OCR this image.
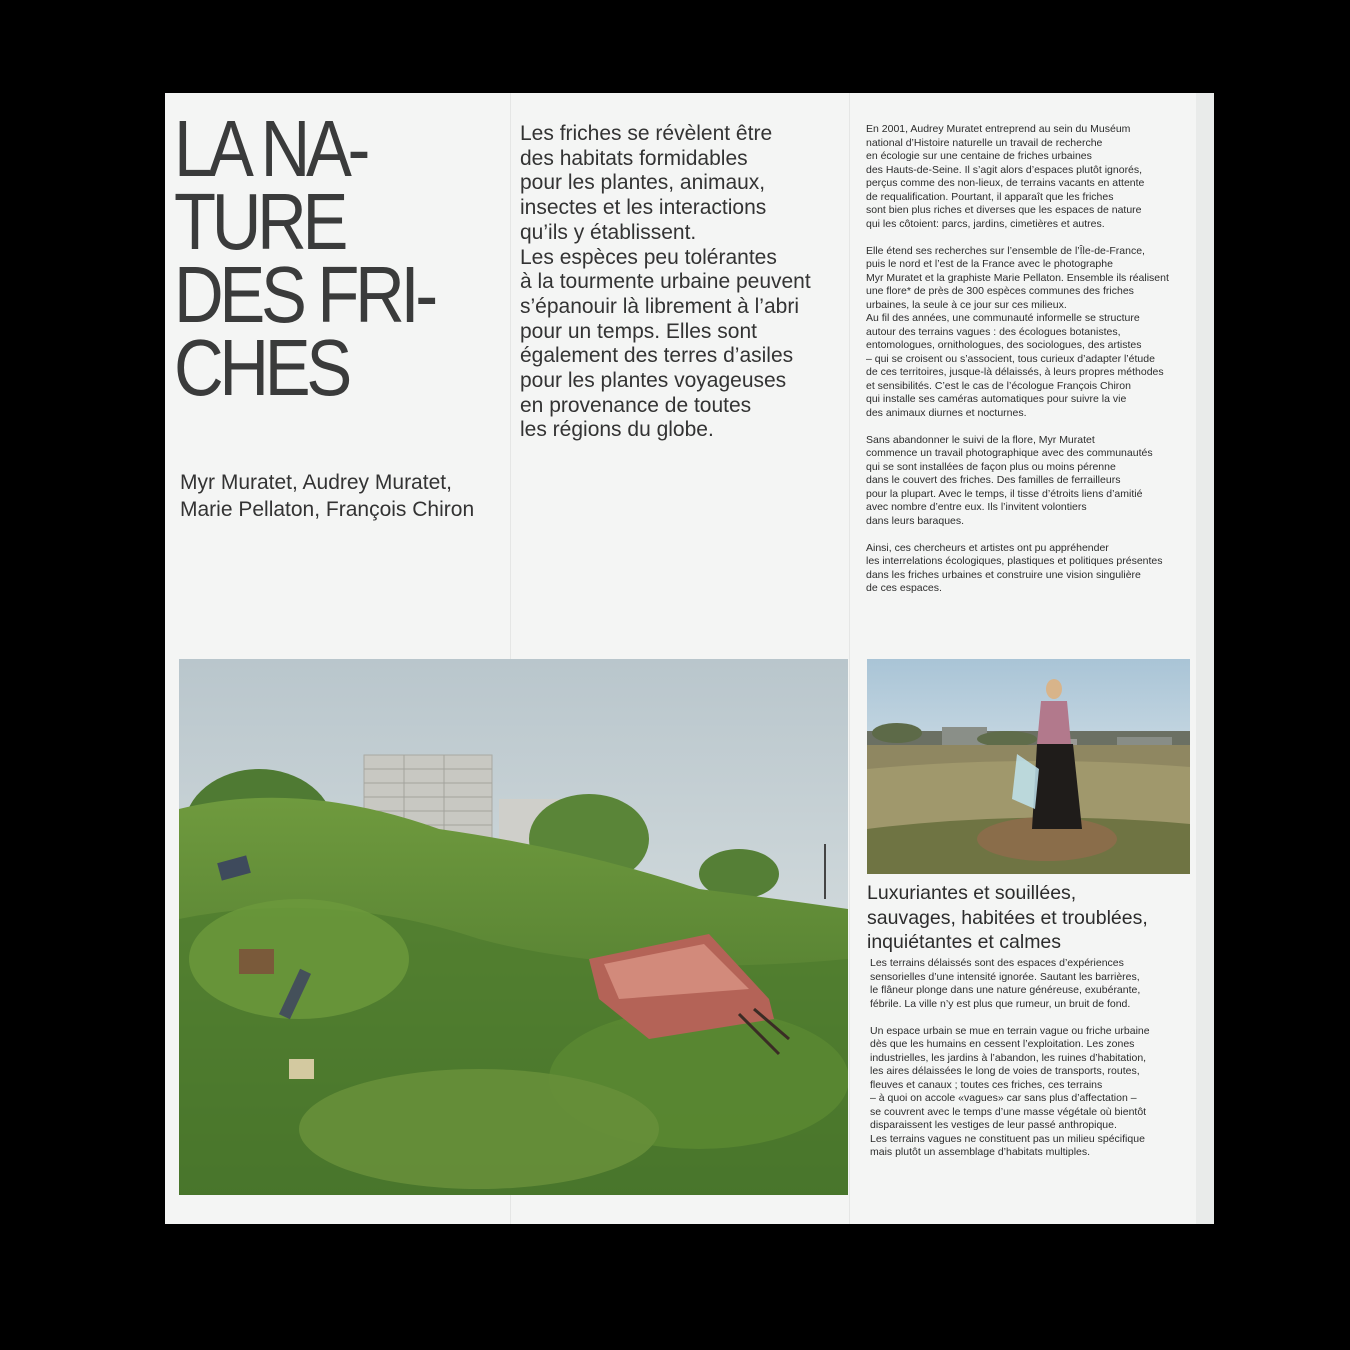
LA NA-
TURE
DES FRI-
CHES
Myr Muratet, Audrey Muratet,
Marie Pellaton, François Chiron
Les friches se révèlent être
des habitats formidables
pour les plantes, animaux,
insectes et les interactions
qu’ils y établissent.
Les espèces peu tolérantes
à la tourmente urbaine peuvent
s’épanouir là librement à l’abri
pour un temps. Elles sont
également des terres d’asiles
pour les plantes voyageuses
en provenance de toutes
les régions du globe.

En 2001, Audrey Muratet entreprend au sein du Muséum
national d’Histoire naturelle un travail de recherche
en écologie sur une centaine de friches urbaines
des Hauts-de-Seine. Il s’agit alors d’espaces plutôt ignorés,
perçus comme des non-lieux, de terrains vacants en attente
de requalification. Pourtant, il apparaît que les friches
sont bien plus riches et diverses que les espaces de nature
qui les côtoient: parcs, jardins, cimetières et autres.

Elle étend ses recherches sur l’ensemble de l’Île-de-France,
puis le nord et l’est de la France avec le photographe
Myr Muratet et la graphiste Marie Pellaton. Ensemble ils réalisent
une flore* de près de 300 espèces communes des friches
urbaines, la seule à ce jour sur ces milieux.
Au fil des années, une communauté informelle se structure
autour des terrains vagues : des écologues botanistes,
entomologues, ornithologues, des sociologues, des artistes
– qui se croisent ou s’associent, tous curieux d’adapter l’étude
de ces territoires, jusque-là délaissés, à leurs propres méthodes
et sensibilités. C’est le cas de l’écologue François Chiron
qui installe ses caméras automatiques pour suivre la vie
des animaux diurnes et nocturnes.

Sans abandonner le suivi de la flore, Myr Muratet
commence un travail photographique avec des communautés
qui se sont installées de façon plus ou moins pérenne
dans le couvert des friches. Des familles de ferrailleurs
pour la plupart. Avec le temps, il tisse d’étroits liens d’amitié
avec nombre d’entre eux. Ils l’invitent volontiers
dans leurs baraques.

Ainsi, ces chercheurs et artistes ont pu appréhender
les interrelations écologiques, plastiques et politiques présentes
dans les friches urbaines et construire une vision singulière
de ces espaces.

Luxuriantes et souillées,
sauvages, habitées et troublées,
inquiétantes et calmes

Les terrains délaissés sont des espaces d’expériences
sensorielles d’une intensité ignorée. Sautant les barrières,
le flâneur plonge dans une nature généreuse, exubérante,
fébrile. La ville n’y est plus que rumeur, un bruit de fond.

Un espace urbain se mue en terrain vague ou friche urbaine
dès que les humains en cessent l’exploitation. Les zones
industrielles, les jardins à l’abandon, les ruines d’habitation,
les aires délaissées le long de voies de transports, routes,
fleuves et canaux ; toutes ces friches, ces terrains
– à quoi on accole «vagues» car sans plus d’affectation –
se couvrent avec le temps d’une masse végétale où bientôt
disparaissent les vestiges de leur passé anthropique.
Les terrains vagues ne constituent pas un milieu spécifique
mais plutôt un assemblage d’habitats multiples.
